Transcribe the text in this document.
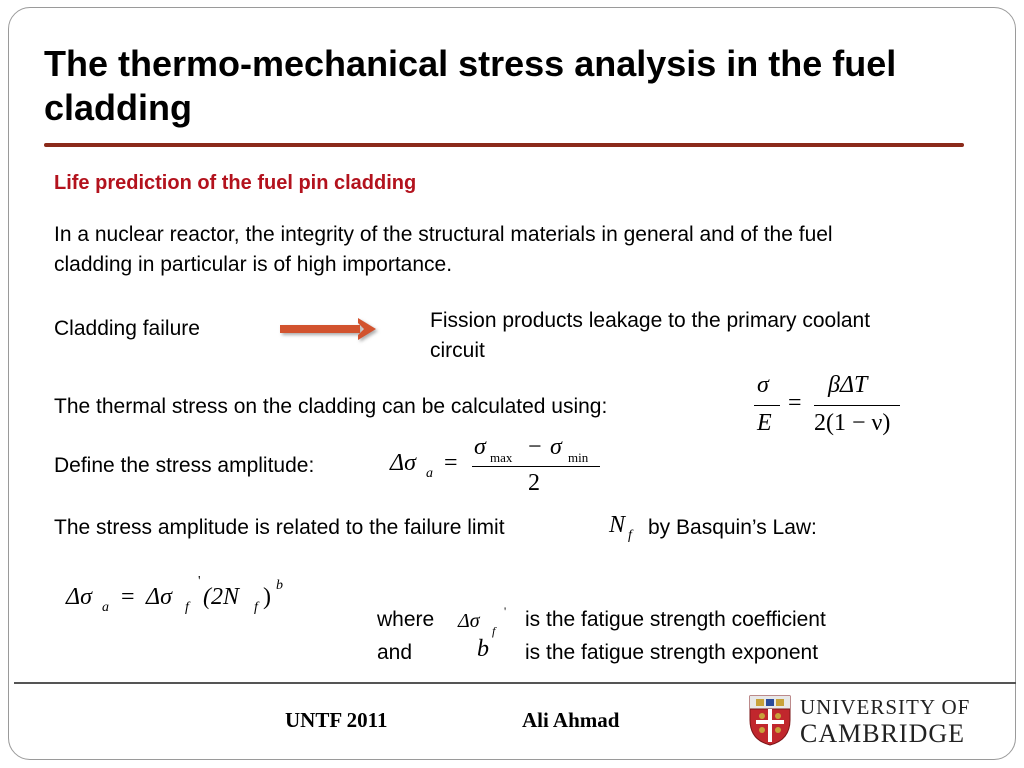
The thermo-mechanical stress analysis in the fuel cladding

Life prediction of the fuel pin cladding

In a nuclear reactor, the integrity of the structural materials in general and of the fuel cladding in particular is of high importance.

Cladding failure	Fission products leakage to the primary coolant circuit

The thermal stress on the cladding can be calculated using:

σ
E
=
βΔT
2(1 − ν)

Define the stress amplitude:	Δσ a =
σ max − σ min
2

The stress amplitude is related to the failure limit	N f by Basquin’s Law:

Δσ a = Δσ f
'
(2N f ) b

where Δσ f
' is the fatigue strength coefficient

and	b is the fatigue strength exponent

UNTF 2011	Ali Ahmad
UNIVERSITY OF
CAMBRIDGE
